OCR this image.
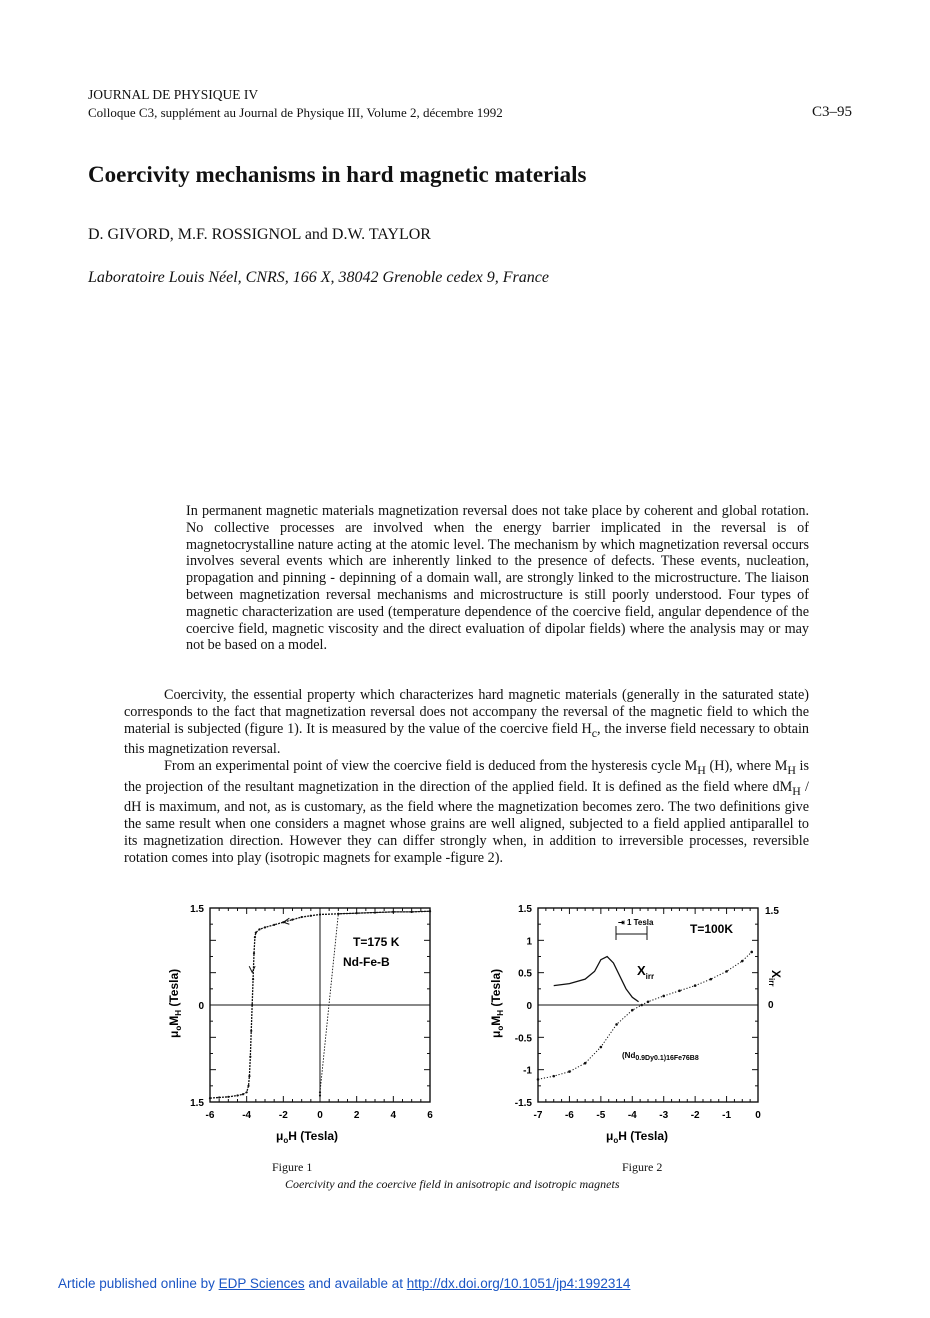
JOURNAL DE PHYSIQUE IV
Colloque C3, supplément au Journal de Physique III, Volume 2, décembre 1992	C3–95
Coercivity mechanisms in hard magnetic materials
D. GIVORD, M.F. ROSSIGNOL and D.W. TAYLOR
Laboratoire Louis Néel, CNRS, 166 X, 38042 Grenoble cedex 9, France

In permanent magnetic materials magnetization reversal does not take place by coherent and global rotation. No collective processes are involved when the energy barrier implicated in the reversal is of magnetocrystalline nature acting at the atomic level. The mechanism by which magnetization reversal occurs involves several events which are inherently linked to the presence of defects. These events, nucleation, propagation and pinning - depinning of a domain wall, are strongly linked to the microstructure. The liaison between magnetization reversal mechanisms and microstructure is still poorly understood. Four types of magnetic characterization are used (temperature dependence of the coercive field, angular dependence of the coercive field, magnetic viscosity and the direct evaluation of dipolar fields) where the analysis may or may not be based on a model.

Coercivity, the essential property which characterizes hard magnetic materials (generally in the saturated state) corresponds to the fact that magnetization reversal does not accompany the reversal of the magnetic field to which the material is subjected (figure 1). It is measured by the value of the coercive field $H_c$, the inverse field necessary to obtain this magnetization reversal.

From an experimental point of view the coercive field is deduced from the hysteresis cycle $M_H$ (H), where $M_H$ is the projection of the resultant magnetization in the direction of the applied field. It is defined as the field where $dM_H$ / dH is maximum, and not, as is customary, as the field where the magnetization becomes zero. The two definitions give the same result when one considers a magnet whose grains are well aligned, subjected to a field applied antiparallel to its magnetization direction. However they can differ strongly when, in addition to irreversible processes, reversible rotation comes into play (isotropic magnets for example -figure 2).

-6	-4	-2	0	2	4	6
1.5
0
1.5
T=175 K
Nd-Fe-B
$\mu_oM_H$ (Tesla)
$\mu_oH$ (Tesla)
-7 -6 -5 -4 -3 -2 -1 0
1.5
1
0.5
0
-0.5
-1
-1.5
T=100K
⇥ 1 Tesla
$X_{irr}$
(Nd0.9Dy0.1)16Fe76B8
$\mu_oM_H$ (Tesla)
$\mu_oH$ (Tesla)
1.5
0
$X_{irr}$
Figure 1	Figure 2
Coercivity and the coercive field in anisotropic and isotropic magnets
Article published online by EDP Sciences and available at http://dx.doi.org/10.1051/jp4:1992314
